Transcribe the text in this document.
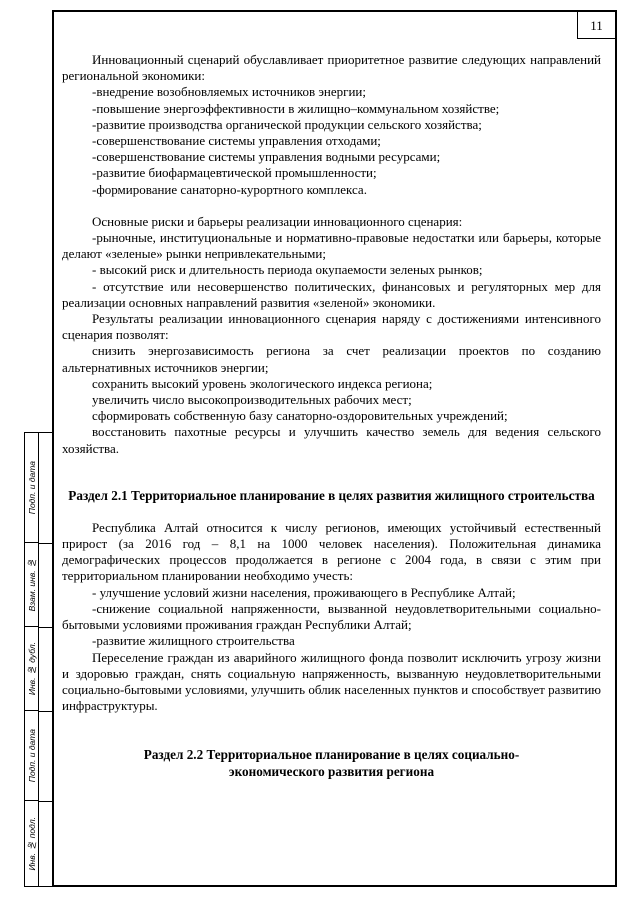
11

Инновационный сценарий обуславливает приоритетное развитие следующих направлений региональной экономики:

-внедрение возобновляемых источников энергии;

-повышение энергоэффективности в жилищно–коммунальном хозяйстве;

-развитие производства органической продукции сельского хозяйства;

-совершенствование системы управления отходами;

-совершенствование системы управления водными ресурсами;

-развитие биофармацевтической промышленности;

-формирование санаторно-курортного комплекса.

Основные риски и барьеры реализации инновационного сценария:

-рыночные, институциональные и нормативно-правовые недостатки или барьеры, которые делают «зеленые» рынки непривлекательными;

- высокий риск и длительность периода окупаемости зеленых рынков;

- отсутствие или несовершенство политических, финансовых и регуляторных мер для реализации основных направлений развития «зеленой» экономики.

Результаты реализации инновационного сценария наряду с достижениями интенсивного сценария позволят:

снизить энергозависимость региона за счет реализации проектов по созданию альтернативных источников энергии;

сохранить высокий уровень экологического индекса региона;

увеличить число высокопроизводительных рабочих мест;

сформировать собственную базу санаторно-оздоровительных учреждений;

восстановить пахотные ресурсы и улучшить качество земель для ведения сельского хозяйства.

Раздел 2.1 Территориальное планирование в целях развития жилищного строительства

Республика Алтай относится к числу регионов, имеющих устойчивый естественный прирост (за 2016 год – 8,1 на 1000 человек населения). Положительная динамика демографических процессов продолжается в регионе с 2004 года, в связи с этим при территориальном планировании необходимо учесть:

- улучшение условий жизни населения, проживающего в Республике Алтай;

-снижение социальной напряженности, вызванной неудовлетворительными социально-бытовыми условиями проживания граждан Республики Алтай;

-развитие жилищного строительства

Переселение граждан из аварийного жилищного фонда позволит исключить угрозу жизни и здоровью граждан, снять социальную напряженность, вызванную неудовлетворительными социально-бытовыми условиями, улучшить облик населенных пунктов и способствует развитию инфраструктуры.

Раздел 2.2 Территориальное планирование в целях социально-экономического развития региона

Подп. и дата
Взам. инв. №
Инв. № дубл.
Подп. и дата
Инв. № подл.
